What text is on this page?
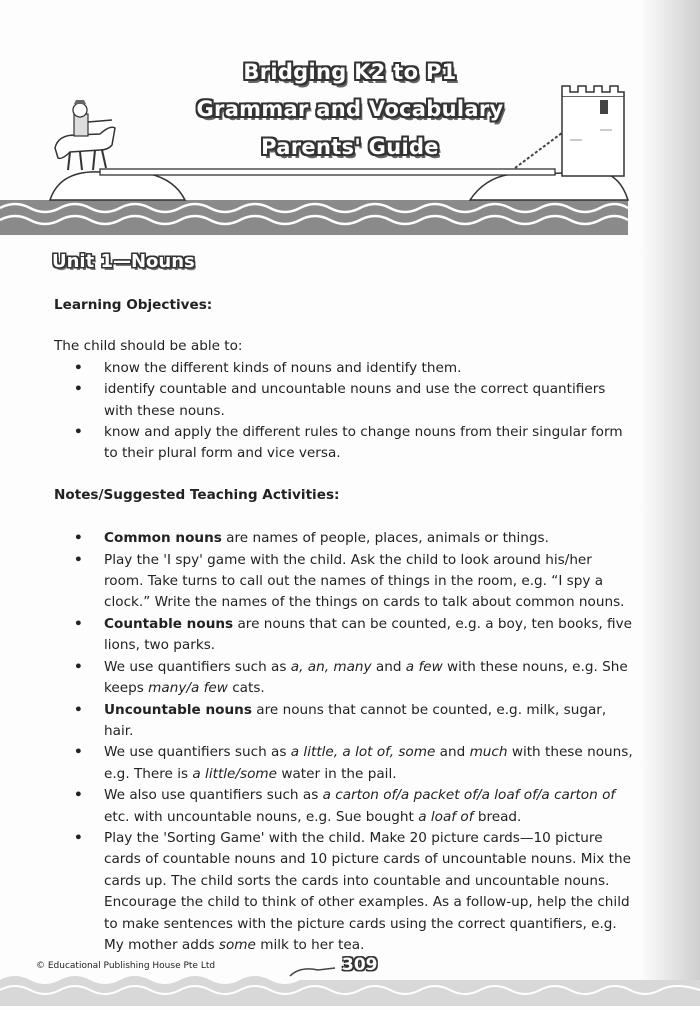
Bridging K2 to P1
Grammar and Vocabulary
Parents' Guide
Unit 1—Nouns

Learning Objectives:

The child should be able to:

• know the different kinds of nouns and identify them.
• identify countable and uncountable nouns and use the correct quantifiers with these nouns.
• know and apply the different rules to change nouns from their singular form to their plural form and vice versa.

Notes/Suggested Teaching Activities:

• Common nouns are names of people, places, animals or things.
• Play the 'I spy' game with the child. Ask the child to look around his/her room. Take turns to call out the names of things in the room, e.g. “I spy a clock.” Write the names of the things on cards to talk about common nouns.
• Countable nouns are nouns that can be counted, e.g. a boy, ten books, five lions, two parks.
• We use quantifiers such as a, an, many and a few with these nouns, e.g. She keeps many/a few cats.
• Uncountable nouns are nouns that cannot be counted, e.g. milk, sugar, hair.
• We use quantifiers such as a little, a lot of, some and much with these nouns, e.g. There is a little/some water in the pail.
• We also use quantifiers such as a carton of/a packet of/a loaf of/a carton of etc. with uncountable nouns, e.g. Sue bought a loaf of bread.
• Play the 'Sorting Game' with the child. Make 20 picture cards—10 picture cards of countable nouns and 10 picture cards of uncountable nouns. Mix the cards up. The child sorts the cards into countable and uncountable nouns. Encourage the child to think of other examples. As a follow-up, help the child to make sentences with the picture cards using the correct quantifiers, e.g. My mother adds some milk to her tea.
© Educational Publishing House Pte Ltd	309
